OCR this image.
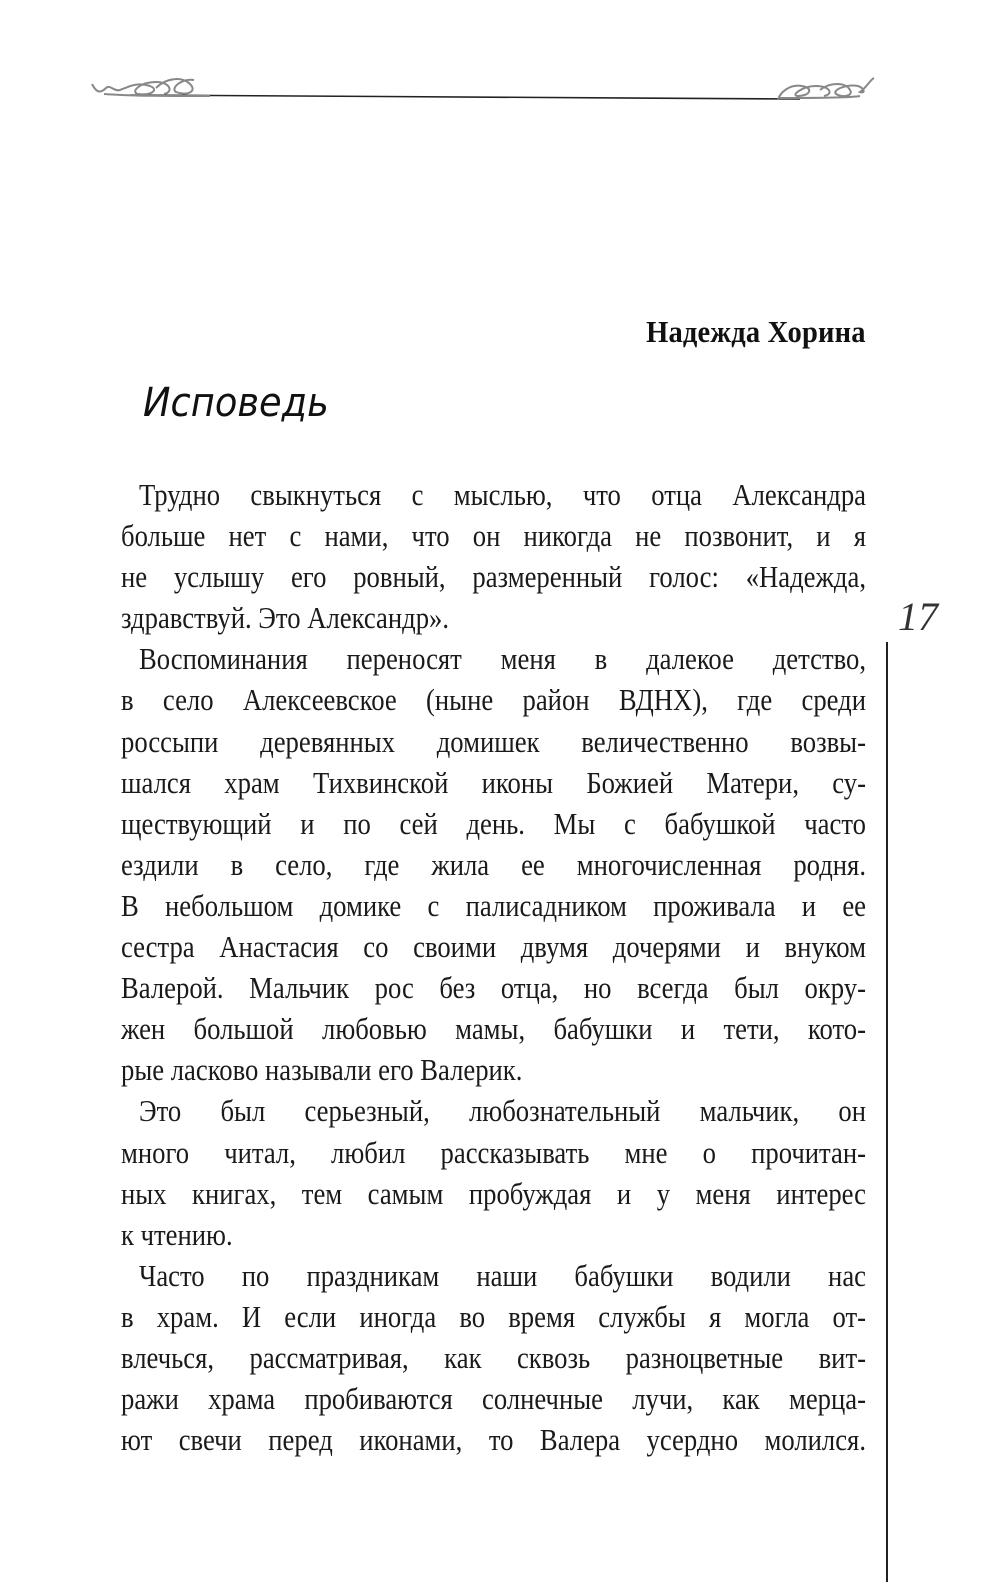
Надежда Хорина
Исповедь
17
Трудно свыкнуться с мыслью, что отца Александра
больше нет с нами, что он никогда не позвонит, и я
не услышу его ровный, размеренный голос: «Надежда,
здравствуй. Это Александр».
Воспоминания переносят меня в далекое детство,
в село Алексеевское (ныне район ВДНХ), где среди
россыпи деревянных домишек величественно возвы-
шался храм Тихвинской иконы Божией Матери, су-
ществующий и по сей день. Мы с бабушкой часто
ездили в село, где жила ее многочисленная родня.
В небольшом домике с палисадником проживала и ее
сестра Анастасия со своими двумя дочерями и внуком
Валерой. Мальчик рос без отца, но всегда был окру-
жен большой любовью мамы, бабушки и тети, кото-
рые ласково называли его Валерик.
Это был серьезный, любознательный мальчик, он
много читал, любил рассказывать мне о прочитан-
ных книгах, тем самым пробуждая и у меня интерес
к чтению.
Часто по праздникам наши бабушки водили нас
в храм. И если иногда во время службы я могла от-
влечься, рассматривая, как сквозь разноцветные вит-
ражи храма пробиваются солнечные лучи, как мерца-
ют свечи перед иконами, то Валера усердно молился.
